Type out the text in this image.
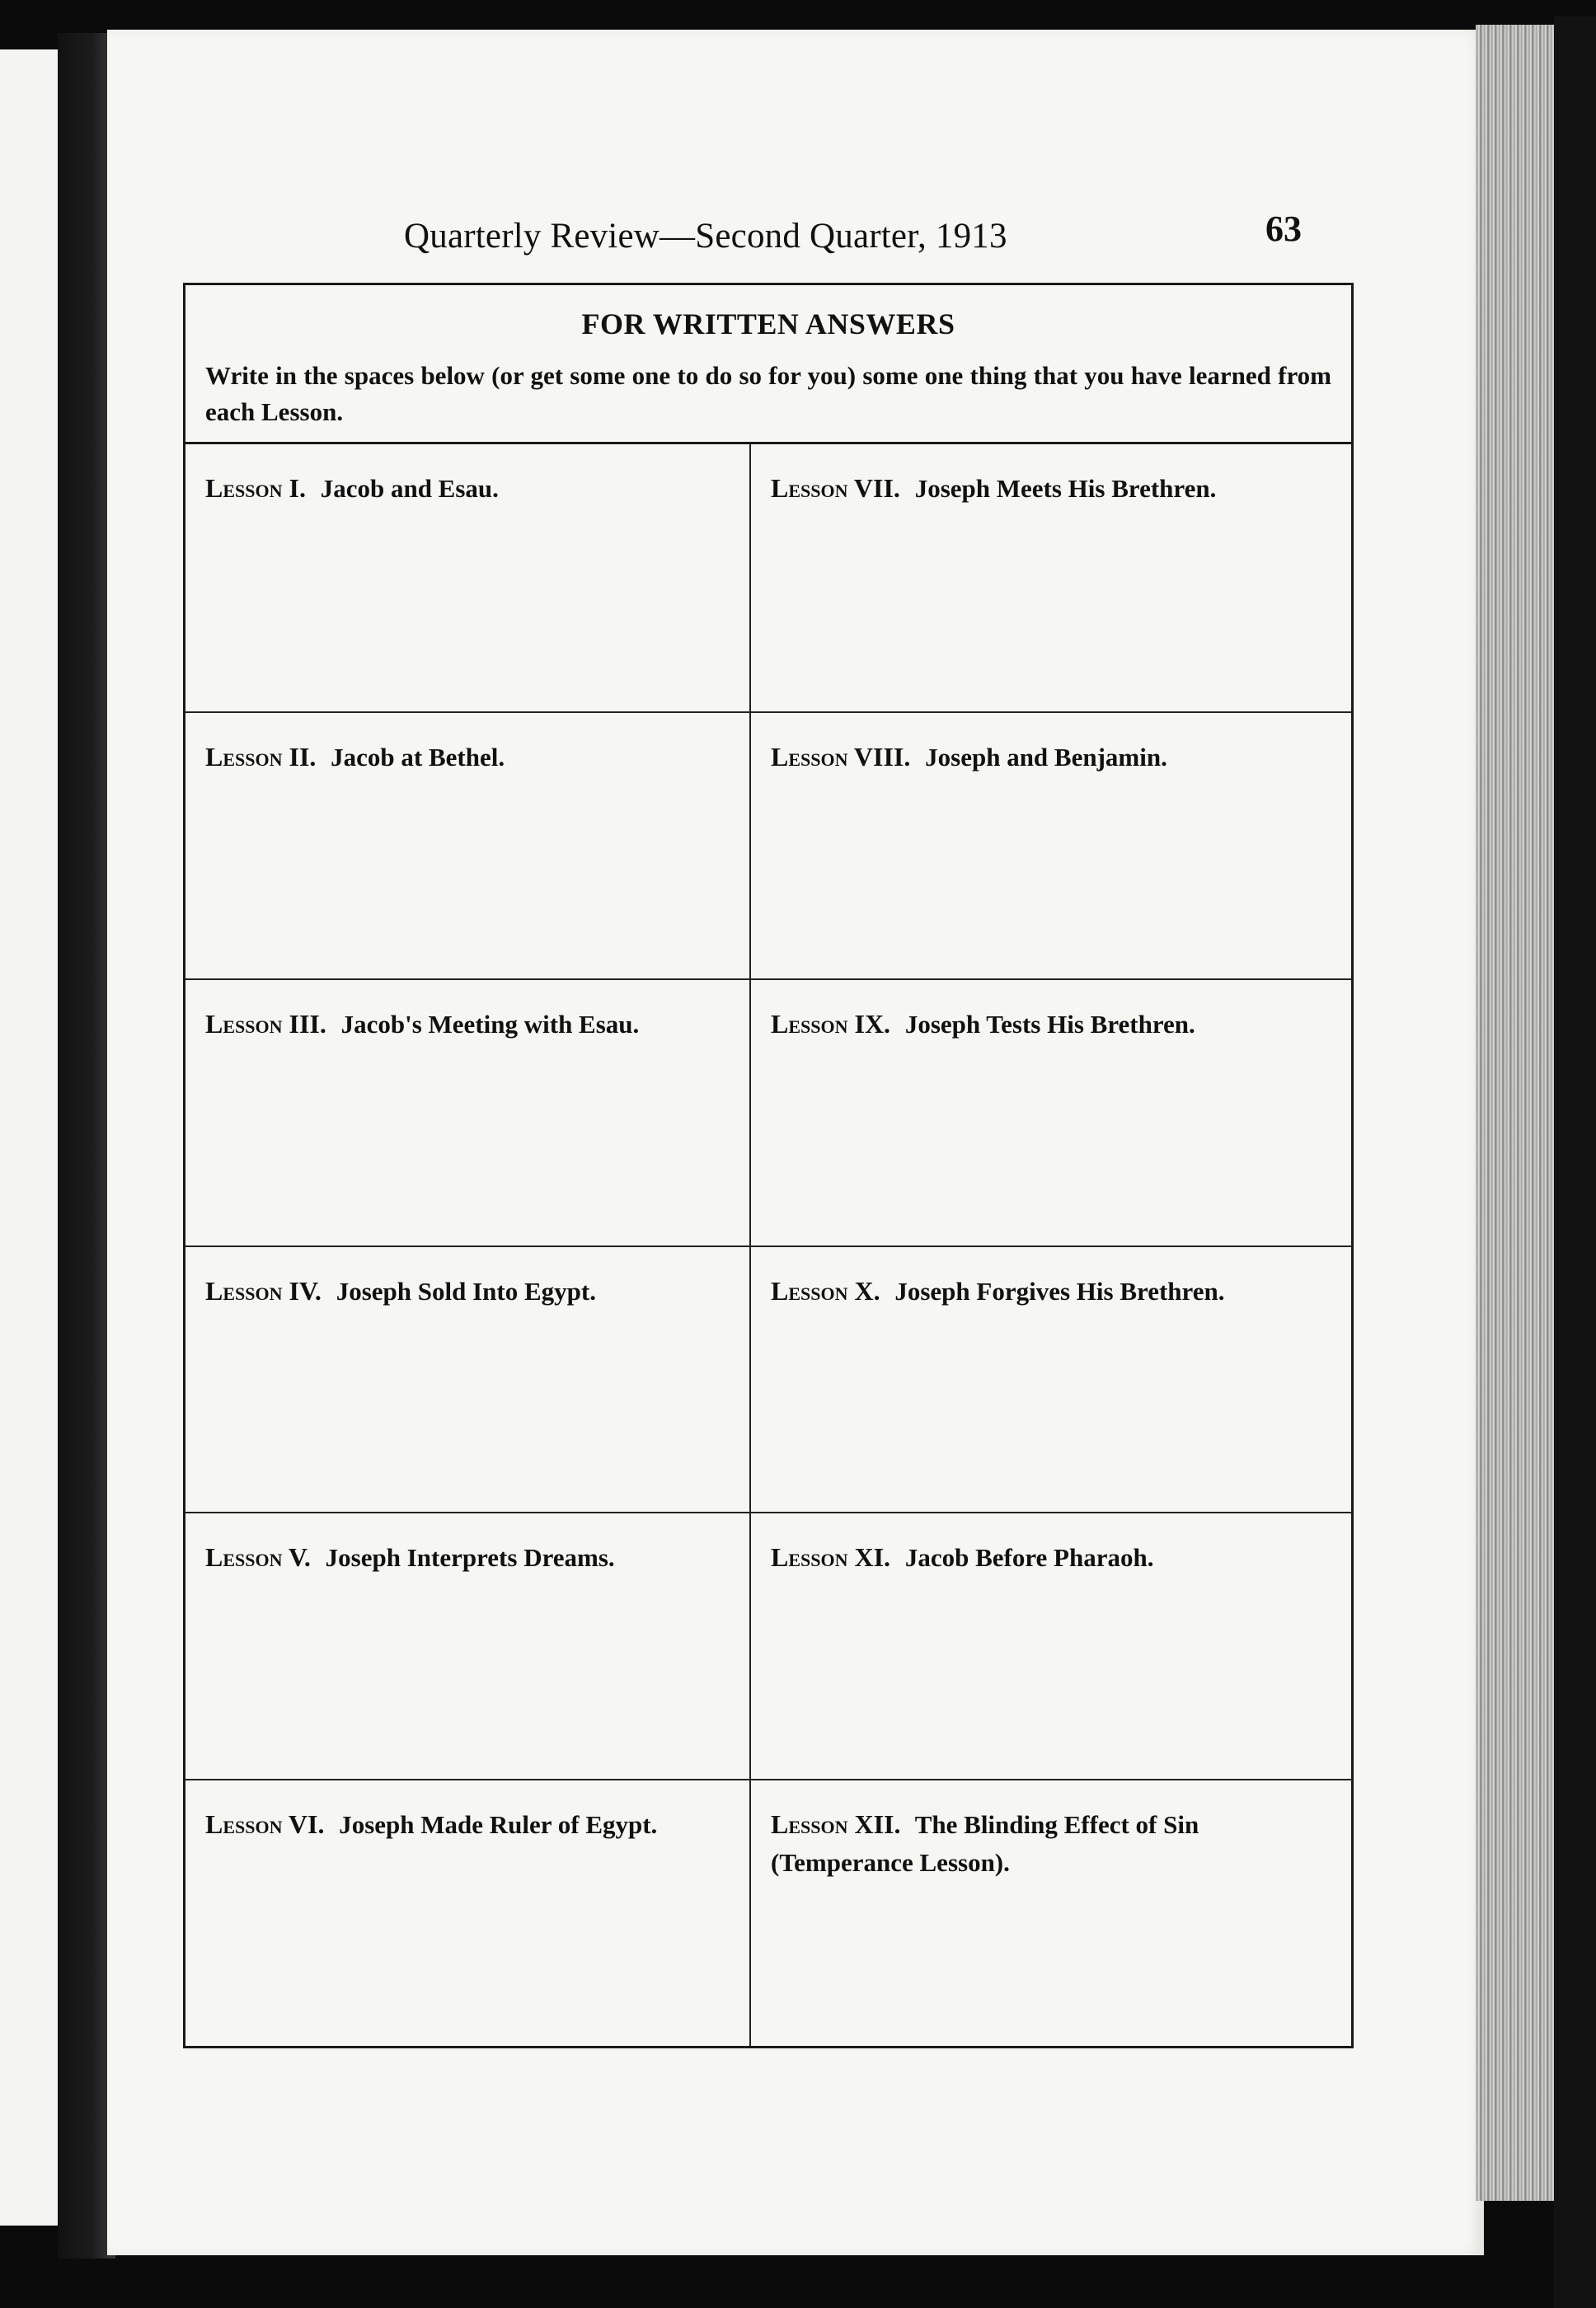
Quarterly Review—Second Quarter, 1913	63
FOR WRITTEN ANSWERS
Write in the spaces below (or get some one to do so for you) some one thing that you have learned from each Lesson.
Lesson I. Jacob and Esau.	Lesson VII. Joseph Meets His Brethren.
Lesson II. Jacob at Bethel.	Lesson VIII. Joseph and Benjamin.
Lesson III. Jacob's Meeting with Esau.	Lesson IX. Joseph Tests His Brethren.
Lesson IV. Joseph Sold Into Egypt.	Lesson X. Joseph Forgives His Brethren.
Lesson V. Joseph Interprets Dreams.	Lesson XI. Jacob Before Pharaoh.
Lesson VI. Joseph Made Ruler of Egypt.	Lesson XII. The Blinding Effect of Sin (Temperance Lesson).
